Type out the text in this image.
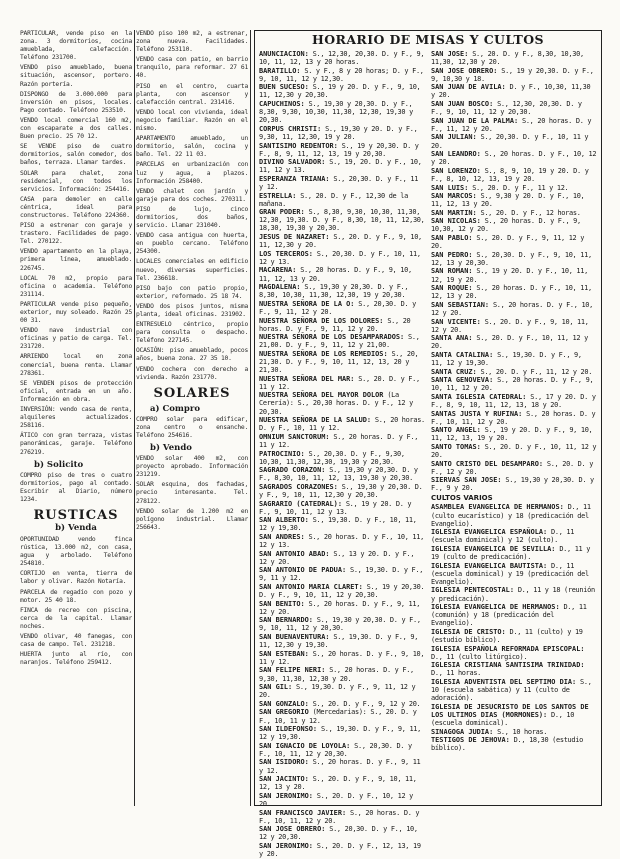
PARTICULAR, vende piso en la zona. 3 dormitorios, cocina amueblada, calefacción. Teléfono 231700.

VENDO piso amueblado, buena situación, ascensor, portero. Razón portería.

DISPONGO de 3.000.000 para inversión en pisos, locales. Pago contado. Teléfono 253510.

VENDO local comercial 160 m2, con escaparate a dos calles. Buen precio. 25 70 12.

SE VENDE piso de cuatro dormitorios, salón comedor, dos baños, terraza. Llamar tardes.

SOLAR para chalet, zona residencial, con todos los servicios. Información: 254416.

CASA para demoler en calle céntrica, ideal para constructores. Teléfono 224360.

PISO a estrenar con garaje y trastero. Facilidades de pago. Tel. 270122.

VENDO apartamento en la playa, primera línea, amueblado. 226745.

LOCAL 70 m2, propio para oficina o academia. Teléfono 231114.

PARTICULAR vende piso pequeño, exterior, muy soleado. Razón 25 00 31.

VENDO nave industrial con oficinas y patio de carga. Tel. 231720.

ARRIENDO local en zona comercial, buena renta. Llamar 278361.

SE VENDEN pisos de protección oficial, entrada en un año. Información en obra.

INVERSIÓN: vendo casa de renta, alquileres actualizados. 258116.

ÁTICO con gran terraza, vistas panorámicas, garaje. Teléfono 276219.

b) Solicito

COMPRO piso de tres o cuatro dormitorios, pago al contado. Escribir al Diario, número 1234.

RUSTICAS
b) Venda

OPORTUNIDAD vendo finca rústica, 13.000 m2, con casa, agua y arbolado. Teléfono 254810.

CORTIJO en venta, tierra de labor y olivar. Razón Notaría.

PARCELA de regadío con pozo y motor. 25 40 18.

FINCA de recreo con piscina, cerca de la capital. Llamar noches.

VENDO olivar, 40 fanegas, con casa de campo. Tel. 231218.

HUERTA junto al río, con naranjos. Teléfono 259412.

VENDO piso 100 m2, a estrenar, zona nueva. Facilidades. Teléfono 253110.

VENDO casa con patio, en barrio tranquilo, para reformar. 27 61 40.

PISO en el centro, cuarta planta, con ascensor y calefacción central. 231416.

VENDO local con vivienda, ideal negocio familiar. Razón en el mismo.

APARTAMENTO amueblado, un dormitorio, salón, cocina y baño. Tel. 22 11 03.

PARCELAS en urbanización con luz y agua, a plazos. Información 258400.

VENDO chalet con jardín y garaje para dos coches. 270311.

PISO de lujo, cinco dormitorios, dos baños, servicio. Llamar 231040.

VENDO casa antigua con huerta, en pueblo cercano. Teléfono 254300.

LOCALES comerciales en edificio nuevo, diversas superficies. Tel. 236618.

PISO bajo con patio propio, exterior, reformado. 25 18 74.

VENDO dos pisos juntos, misma planta, ideal oficinas. 231902.

ENTRESUELO céntrico, propio para consulta o despacho. Teléfono 227145.

OCASIÓN: piso amueblado, pocos años, buena zona. 27 35 10.

VENDO cochera con derecho a vivienda. Razón 231770.

SOLARES
a) Compro

COMPRO solar para edificar, zona centro o ensanche. Teléfono 254616.

b) Vendo

VENDO solar 400 m2, con proyecto aprobado. Información 231219.

SOLAR esquina, dos fachadas, precio interesante. Tel. 278122.

VENDO solar de 1.200 m2 en polígono industrial. Llamar 256643.

HORARIO DE MISAS Y CULTOS

ANUNCIACION: S., 12,30, 20,30. D. y F., 9, 10, 11, 12, 13 y 20 horas.

BARATILLO: S. y F., 8 y 20 horas; D. y F., 9, 10, 11, 12 y 12,30.

BUEN SUCESO: S., 19 y 20. D. y F., 9, 10, 11, 12,30 y 20,30.

CAPUCHINOS: S., 19,30 y 20,30. D. y F., 8,30, 9,30, 10,30, 11,30, 12,30, 19,30 y 20,30.

CORPUS CHRISTI: S., 19,30 y 20. D. y F., 9,30, 11, 12,30, 19 y 20.

SANTISIMO REDENTOR: S., 19 y 20,30. D. y F., 8, 9, 11, 12, 13, 19 y 20,30.

DIVINO SALVADOR: S., 19, 20. D. y F., 10, 11, 12 y 13.

ESPERANZA TRIANA: S., 20,30. D. y F., 11 y 12.

ESTRELLA: S., 20. D. y F., 12,30 de la mañana.

GRAN PODER: S., 8,30, 9,30, 10,30, 11,30, 12,30, 19,30. D. y F., 8,30, 10, 11, 12,30, 18,30, 19,30 y 20,30.

JESUS DE NAZARET: S., 20. D. y F., 9, 10, 11, 12,30 y 20.

LOS TERCEROS: S., 20,30. D. y F., 10, 11, 12 y 13.

MACARENA: S., 20 horas. D. y F., 9, 10, 11, 12, 13 y 20.

MAGDALENA: S., 19,30 y 20,30. D. y F., 8,30, 10,30, 11,30, 12,30, 19 y 20,30.

NUESTRA SEÑORA DE LA O: S., 20,30. D. y F., 9, 11, 12 y 20.

NUESTRA SEÑORA DE LOS DOLORES: S., 20 horas. D. y F., 9, 11, 12 y 20.

NUESTRA SEÑORA DE LOS DESAMPARADOS: S., 21,00. D. y F., 9, 11, 12 y 21,00.

NUESTRA SEÑORA DE LOS REMEDIOS: S., 20, 21,30. D. y F., 9, 10, 11, 12, 13, 20 y 21,30.

NUESTRA SEÑORA DEL MAR: S., 20. D. y F., 11 y 12.

NUESTRA SEÑORA DEL MAYOR DOLOR (La Cerería): S., 20,30 horas. D. y F., 12 y 20,30.

NUESTRA SEÑORA DE LA SALUD: S., 20 horas. D. y F., 10, 11 y 12.

OMNIUM SANCTORUM: S., 20 horas. D. y F., 11 y 12.

PATROCINIO: S., 20,30. D. y F., 9,30, 10,30, 11,30, 12,30, 19,30 y 20,30.

SAGRADO CORAZON: S., 19,30 y 20,30. D. y F., 8,30, 10, 11, 12, 13, 19,30 y 20,30.

SAGRADOS CORAZONES: S., 19,30 y 20,30. D. y F., 9, 10, 11, 12,30 y 20,30.

SAGRARIO (CATEDRAL): S., 19 y 20. D. y F., 9, 10, 11, 12 y 13.

SAN ALBERTO: S., 19,30. D. y F., 10, 11, 12 y 19,30.

SAN ANDRES: S., 20 horas. D. y F., 10, 11, 12 y 13.

SAN ANTONIO ABAD: S., 13 y 20. D. y F., 12 y 20.

SAN ANTONIO DE PADUA: S., 19,30. D. y F., 9, 11 y 12.

SAN ANTONIO MARIA CLARET: S., 19 y 20,30. D. y F., 9, 10, 11, 12 y 20,30.

SAN BENITO: S., 20 horas. D. y F., 9, 11, 12 y 20.

SAN BERNARDO: S., 19,30 y 20,30. D. y F., 9, 10, 11, 12 y 20,30.

SAN BUENAVENTURA: S., 19,30. D. y F., 9, 11, 12,30 y 19,30.

SAN ESTEBAN: S., 20 horas. D. y F., 9, 10, 11 y 12.

SAN FELIPE NERI: S., 20 horas. D. y F., 9,30, 11,30, 12,30 y 20.

SAN GIL: S., 19,30. D. y F., 9, 11, 12 y 20.

SAN GONZALO: S., 20. D. y F., 9, 12 y 20.

SAN GREGORIO (Mercedarias): S., 20. D. y F., 10, 11 y 12.

SAN ILDEFONSO: S., 19,30. D. y F., 9, 11, 12 y 19,30.

SAN IGNACIO DE LOYOLA: S., 20,30. D. y F., 10, 11, 12 y 20,30.

SAN ISIDORO: S., 20 horas. D. y F., 9, 11 y 12.

SAN JACINTO: S., 20. D. y F., 9, 10, 11, 12, 13 y 20.

SAN JERONIMO: S., 20. D. y F., 10, 12 y 20.

SAN FRANCISCO JAVIER: S., 20 horas. D. y F., 10, 11, 12 y 20.

SAN JOSE OBRERO: S., 20,30. D. y F., 10, 12 y 20,30.

SAN JERONIMO: S., 20. D. y F., 12, 13, 19 y 20.

SAN JOSE: S., 20. D. y F., 8,30, 10,30, 11,30, 12,30 y 20.

SAN JOSE OBRERO: S., 19 y 20,30. D. y F., 9, 10,30 y 18.

SAN JUAN DE AVILA: D. y F., 10,30, 11,30 y 20.

SAN JUAN BOSCO: S., 12,30, 20,30. D. y F., 9, 10, 11, 12 y 20,30.

SAN JUAN DE LA PALMA: S., 20 horas. D. y F., 11, 12 y 20.

SAN JULIAN: S., 20,30. D. y F., 10, 11 y 20.

SAN LEANDRO: S., 20 horas. D. y F., 10, 12 y 20.

SAN LORENZO: S., 8, 9, 10, 19 y 20. D. y F., 8, 10, 12, 13, 19 y 20.

SAN LUIS: S., 20. D. y F., 11 y 12.

SAN MARCOS: S., 9,30 y 20. D. y F., 10, 11, 12, 13 y 20.

SAN MARTIN: S., 20. D. y F., 12 horas.

SAN NICOLAS: S., 20 horas. D. y F., 9, 10,30, 12 y 20.

SAN PABLO: S., 20. D. y F., 9, 11, 12 y 20.

SAN PEDRO: S., 20,30. D. y F., 9, 10, 11, 12, 13 y 20,30.

SAN ROMAN: S., 19 y 20. D. y F., 10, 11, 12, 19 y 20.

SAN ROQUE: S., 20 horas. D. y F., 10, 11, 12, 13 y 20.

SAN SEBASTIAN: S., 20 horas. D. y F., 10, 12 y 20.

SAN VICENTE: S., 20. D. y F., 9, 10, 11, 12 y 20.

SANTA ANA: S., 20. D. y F., 10, 11, 12 y 20.

SANTA CATALINA: S., 19,30. D. y F., 9, 11, 12 y 19,30.

SANTA CRUZ: S., 20. D. y F., 11, 12 y 20.

SANTA GENOVEVA: S., 20 horas. D. y F., 9, 10, 11, 12 y 20.

SANTA IGLESIA CATEDRAL: S., 17 y 20. D. y F., 8, 9, 10, 11, 12, 13, 18 y 20.

SANTAS JUSTA Y RUFINA: S., 20 horas. D. y F., 10, 11, 12 y 20.

SANTO ANGEL: S., 19 y 20. D. y F., 9, 10, 11, 12, 13, 19 y 20.

SANTO TOMAS: S., 20. D. y F., 10, 11, 12 y 20.

SANTO CRISTO DEL DESAMPARO: S., 20. D. y F., 12 y 20.

SIERVAS SAN JOSE: S., 19,30 y 20,30. D. y F., 9 y 20.

CULTOS VARIOS

ASAMBLEA EVANGELICA DE HERMANOS: D., 11 (culto eucarístico) y 18 (predicación del Evangelio).

IGLESIA EVANGELICA ESPAÑOLA: D., 11 (escuela dominical) y 12 (culto).

IGLESIA EVANGELICA DE SEVILLA: D., 11 y 19 (culto de predicación).

IGLESIA EVANGELICA BAUTISTA: D., 11 (escuela dominical) y 19 (predicación del Evangelio).

IGLESIA PENTECOSTAL: D., 11 y 18 (reunión y predicación).

IGLESIA EVANGELICA DE HERMANOS: D., 11 (comunión) y 18 (predicación del Evangelio).

IGLESIA DE CRISTO: D., 11 (culto) y 19 (estudio bíblico).

IGLESIA ESPAÑOLA REFORMADA EPISCOPAL: D., 11 (culto litúrgico).

IGLESIA CRISTIANA SANTISIMA TRINIDAD: D., 11 horas.

IGLESIA ADVENTISTA DEL SEPTIMO DIA: S., 10 (escuela sabática) y 11 (culto de adoración).

IGLESIA DE JESUCRISTO DE LOS SANTOS DE LOS ULTIMOS DIAS (MORMONES): D., 10 (escuela dominical).

SINAGOGA JUDIA: S., 10 horas.

TESTIGOS DE JEHOVA: D., 18,30 (estudio bíblico).
